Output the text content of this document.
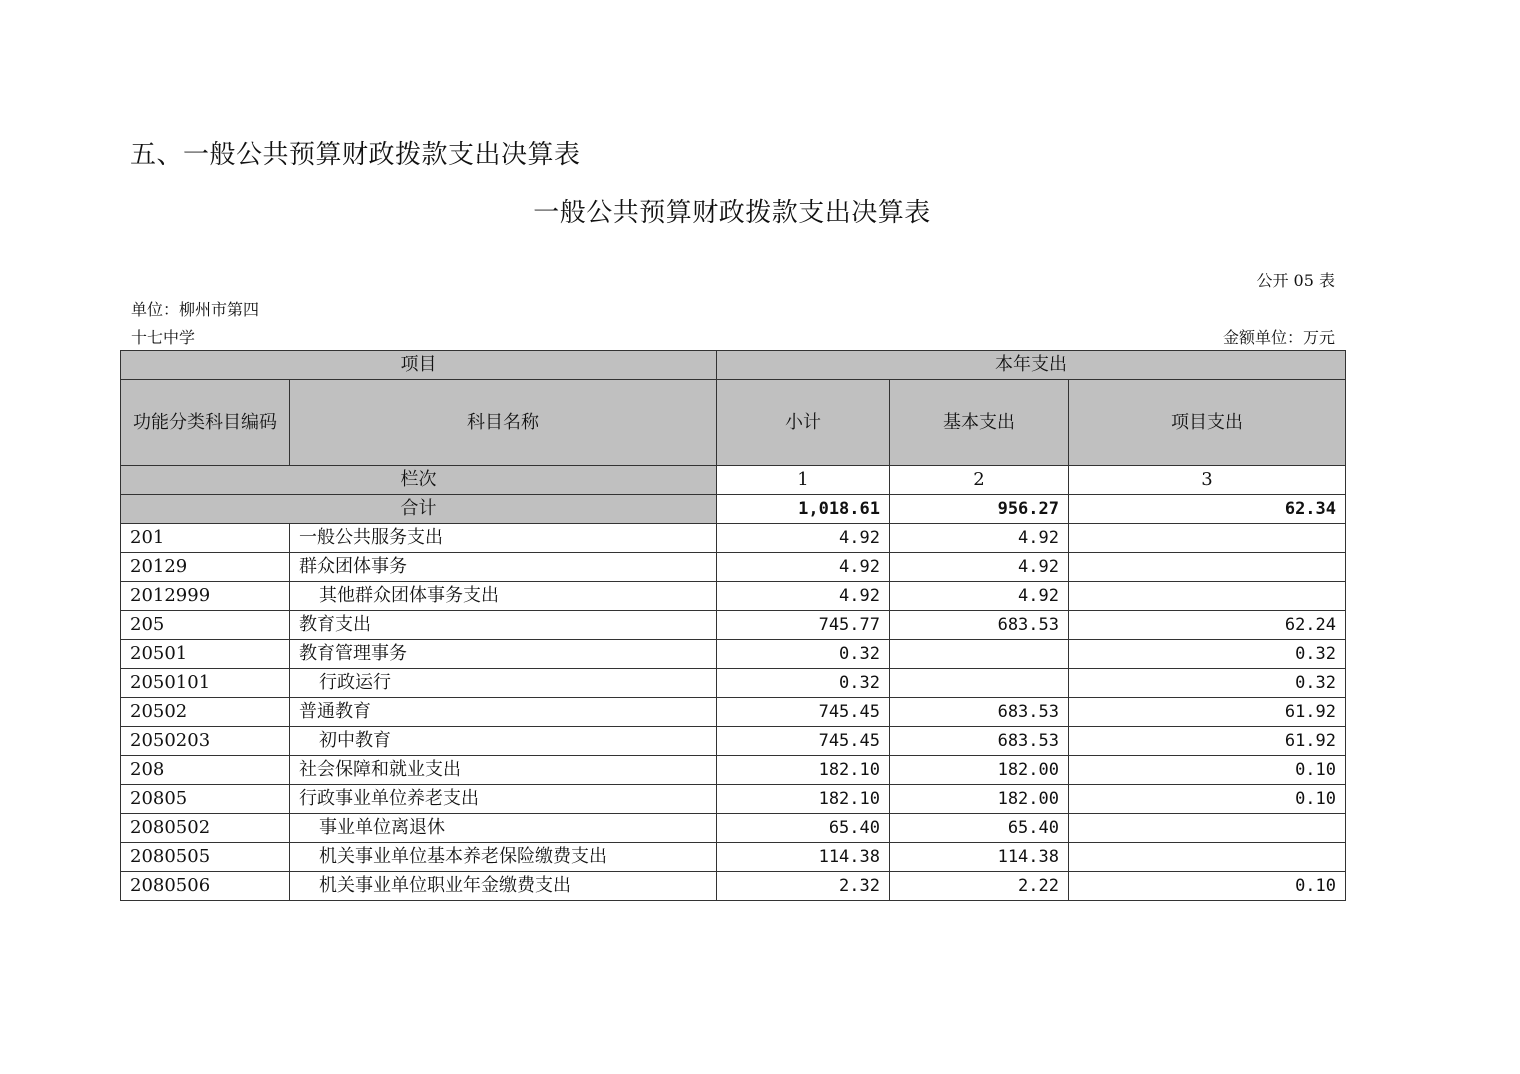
五、一般公共预算财政拨款支出决算表
一般公共预算财政拨款支出决算表
公开 05 表
单位：柳州市第四
十七中学	金额单位：万元
项目		本年支出		
功能分类科目编码	科目名称	小计	基本支出	项目支出
栏次		1	2	3
合计		1,018.61	956.27	62.34
201	一般公共服务支出	4.92	4.92	
20129	群众团体事务	4.92	4.92	
2012999	其他群众团体事务支出	4.92	4.92	
205	教育支出	745.77	683.53	62.24
20501	教育管理事务	0.32		0.32
2050101	行政运行	0.32		0.32
20502	普通教育	745.45	683.53	61.92
2050203	初中教育	745.45	683.53	61.92
208	社会保障和就业支出	182.10	182.00	0.10
20805	行政事业单位养老支出	182.10	182.00	0.10
2080502	事业单位离退休	65.40	65.40	
2080505	机关事业单位基本养老保险缴费支出	114.38	114.38	
2080506	机关事业单位职业年金缴费支出	2.32	2.22	0.10
